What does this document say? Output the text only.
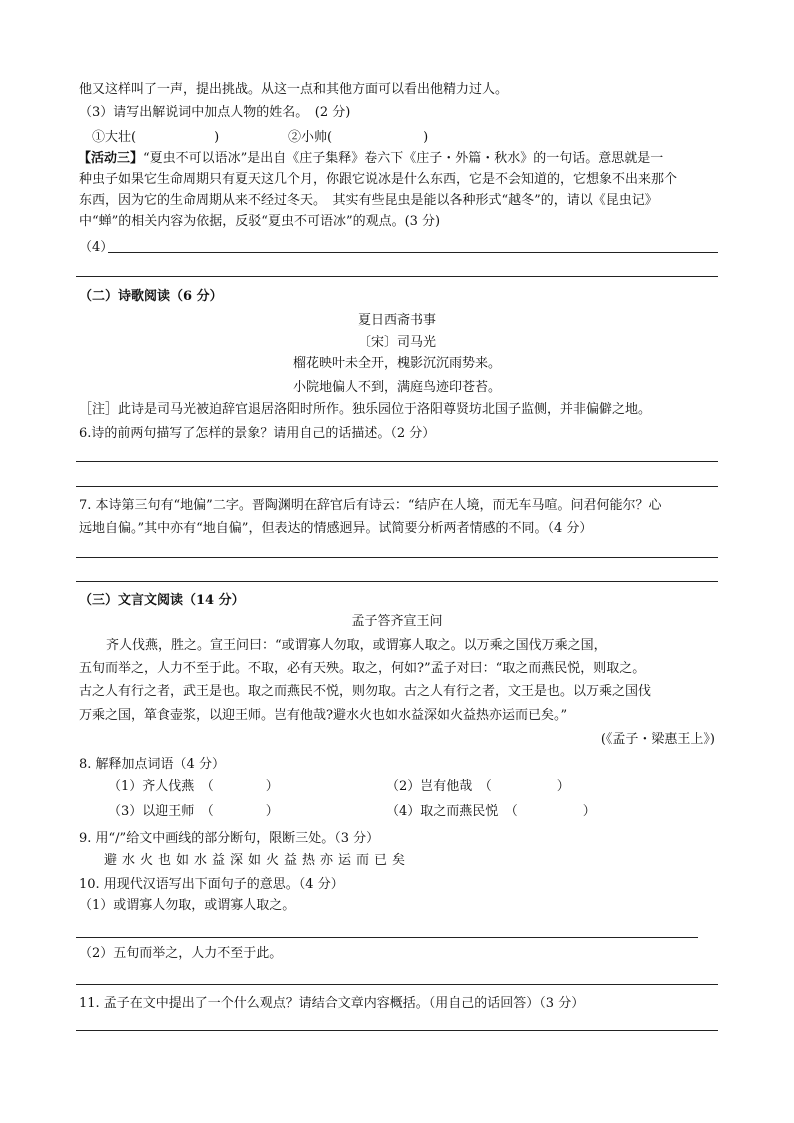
他又这样叫了一声，提出挑战。从这一点和其他方面可以看出他精力过人。
（3）请写出解说词中加点人物的姓名。　(2 分)
①大壮(　　　　　　)	②小帅(　　　　　　　)
【活动三】“夏虫不可以语冰”是出自《庄子集释》卷六下《庄子・外篇・秋水》的一句话。意思就是一
种虫子如果它生命周期只有夏天这几个月，你跟它说冰是什么东西，它是不会知道的，它想象不出来那个
东西，因为它的生命周期从来不经过冬天。　其实有些昆虫是能以各种形式“越冬”的，请以《昆虫记》
中“蝉”的相关内容为依据，反驳“夏虫不可语冰”的观点。(3 分)
（4）
（二）诗歌阅读（6 分）
夏日西斋书事
〔宋〕司马光
榴花映叶未全开，槐影沉沉雨势来。
小院地偏人不到，满庭鸟迹印苍苔。
［注］此诗是司马光被迫辞官退居洛阳时所作。独乐园位于洛阳尊贤坊北国子监侧，并非偏僻之地。
6.诗的前两句描写了怎样的景象？请用自己的话描述。（2 分）
7. 本诗第三句有“地偏”二字。晋陶渊明在辞官后有诗云：“结庐在人境，而无车马喧。问君何能尔？心
远地自偏。”其中亦有“地自偏”，但表达的情感迥异。试简要分析两者情感的不同。（4 分）
（三）文言文阅读（14 分）
孟子答齐宣王问
齐人伐燕，胜之。宣王问曰：“或谓寡人勿取，或谓寡人取之。以万乘之国伐万乘之国，
五旬而举之，人力不至于此。不取，必有天殃。取之，何如?”孟子对曰：“取之而燕民悦，则取之。
古之人有行之者，武王是也。取之而燕民不悦，则勿取。古之人有行之者，文王是也。以万乘之国伐
万乘之国，箪食壶浆，以迎王师。岂有他哉?避水火也如水益深如火益热亦运而已矣。”
(《孟子・梁惠王上》)
8. 解释加点词语（4 分）
（1）齐人伐燕　（　　　　）	（2）岂有他哉　（　　　　　）
（3）以迎王师　（　　　　）	（4）取之而燕民悦　（　　　　　）
9. 用“/”给文中画线的部分断句，限断三处。（3 分）
避水火也如水益深如火益热亦运而已矣
10. 用现代汉语写出下面句子的意思。（4 分）
（1）或谓寡人勿取，或谓寡人取之。
（2）五旬而举之，人力不至于此。
11. 孟子在文中提出了一个什么观点？请结合文章内容概括。（用自己的话回答）（3 分）
